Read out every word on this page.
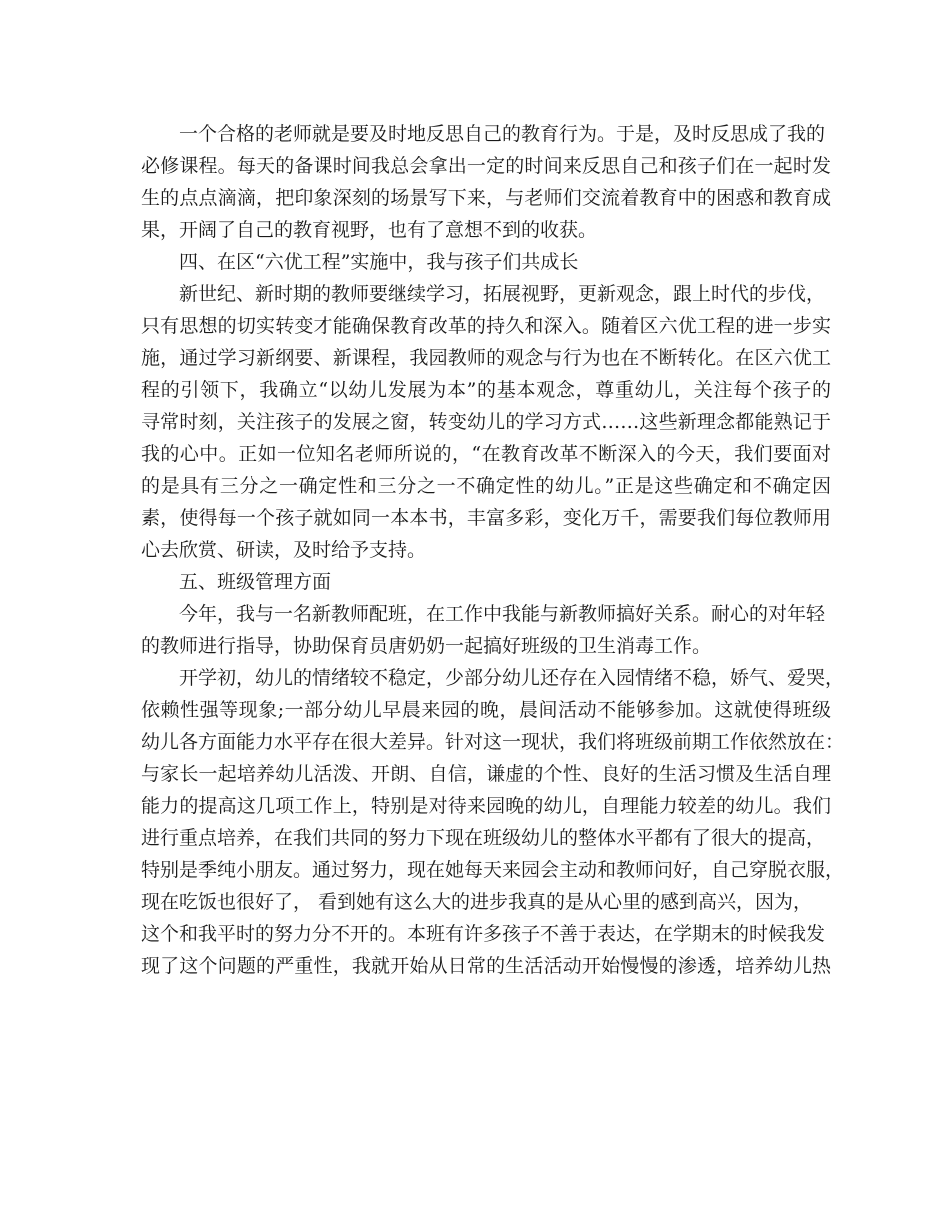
一个合格的老师就是要及时地反思自己的教育行为。于是，及时反思成了我的
必修课程。每天的备课时间我总会拿出一定的时间来反思自己和孩子们在一起时发
生的点点滴滴，把印象深刻的场景写下来，与老师们交流着教育中的困惑和教育成
果，开阔了自己的教育视野，也有了意想不到的收获。
四、在区“六优工程”实施中，我与孩子们共成长
新世纪、新时期的教师要继续学习，拓展视野，更新观念，跟上时代的步伐，
只有思想的切实转变才能确保教育改革的持久和深入。随着区六优工程的进一步实
施，通过学习新纲要、新课程，我园教师的观念与行为也在不断转化。在区六优工
程的引领下，我确立“以幼儿发展为本”的基本观念，尊重幼儿，关注每个孩子的
寻常时刻，关注孩子的发展之窗，转变幼儿的学习方式……这些新理念都能熟记于
我的心中。正如一位知名老师所说的，“在教育改革不断深入的今天，我们要面对
的是具有三分之一确定性和三分之一不确定性的幼儿。”正是这些确定和不确定因
素，使得每一个孩子就如同一本本书，丰富多彩，变化万千，需要我们每位教师用
心去欣赏、研读，及时给予支持。
五、班级管理方面
今年，我与一名新教师配班，在工作中我能与新教师搞好关系。耐心的对年轻
的教师进行指导，协助保育员唐奶奶一起搞好班级的卫生消毒工作。
开学初，幼儿的情绪较不稳定，少部分幼儿还存在入园情绪不稳，娇气、爱哭，
依赖性强等现象;一部分幼儿早晨来园的晚，晨间活动不能够参加。这就使得班级
幼儿各方面能力水平存在很大差异。针对这一现状，我们将班级前期工作依然放在：
与家长一起培养幼儿活泼、开朗、自信，谦虚的个性、良好的生活习惯及生活自理
能力的提高这几项工作上，特别是对待来园晚的幼儿，自理能力较差的幼儿。我们
进行重点培养，在我们共同的努力下现在班级幼儿的整体水平都有了很大的提高，
特别是季纯小朋友。通过努力，现在她每天来园会主动和教师问好，自己穿脱衣服，
现在吃饭也很好了， 看到她有这么大的进步我真的是从心里的感到高兴，因为，
这个和我平时的努力分不开的。本班有许多孩子不善于表达，在学期末的时候我发
现了这个问题的严重性，我就开始从日常的生活活动开始慢慢的渗透，培养幼儿热
